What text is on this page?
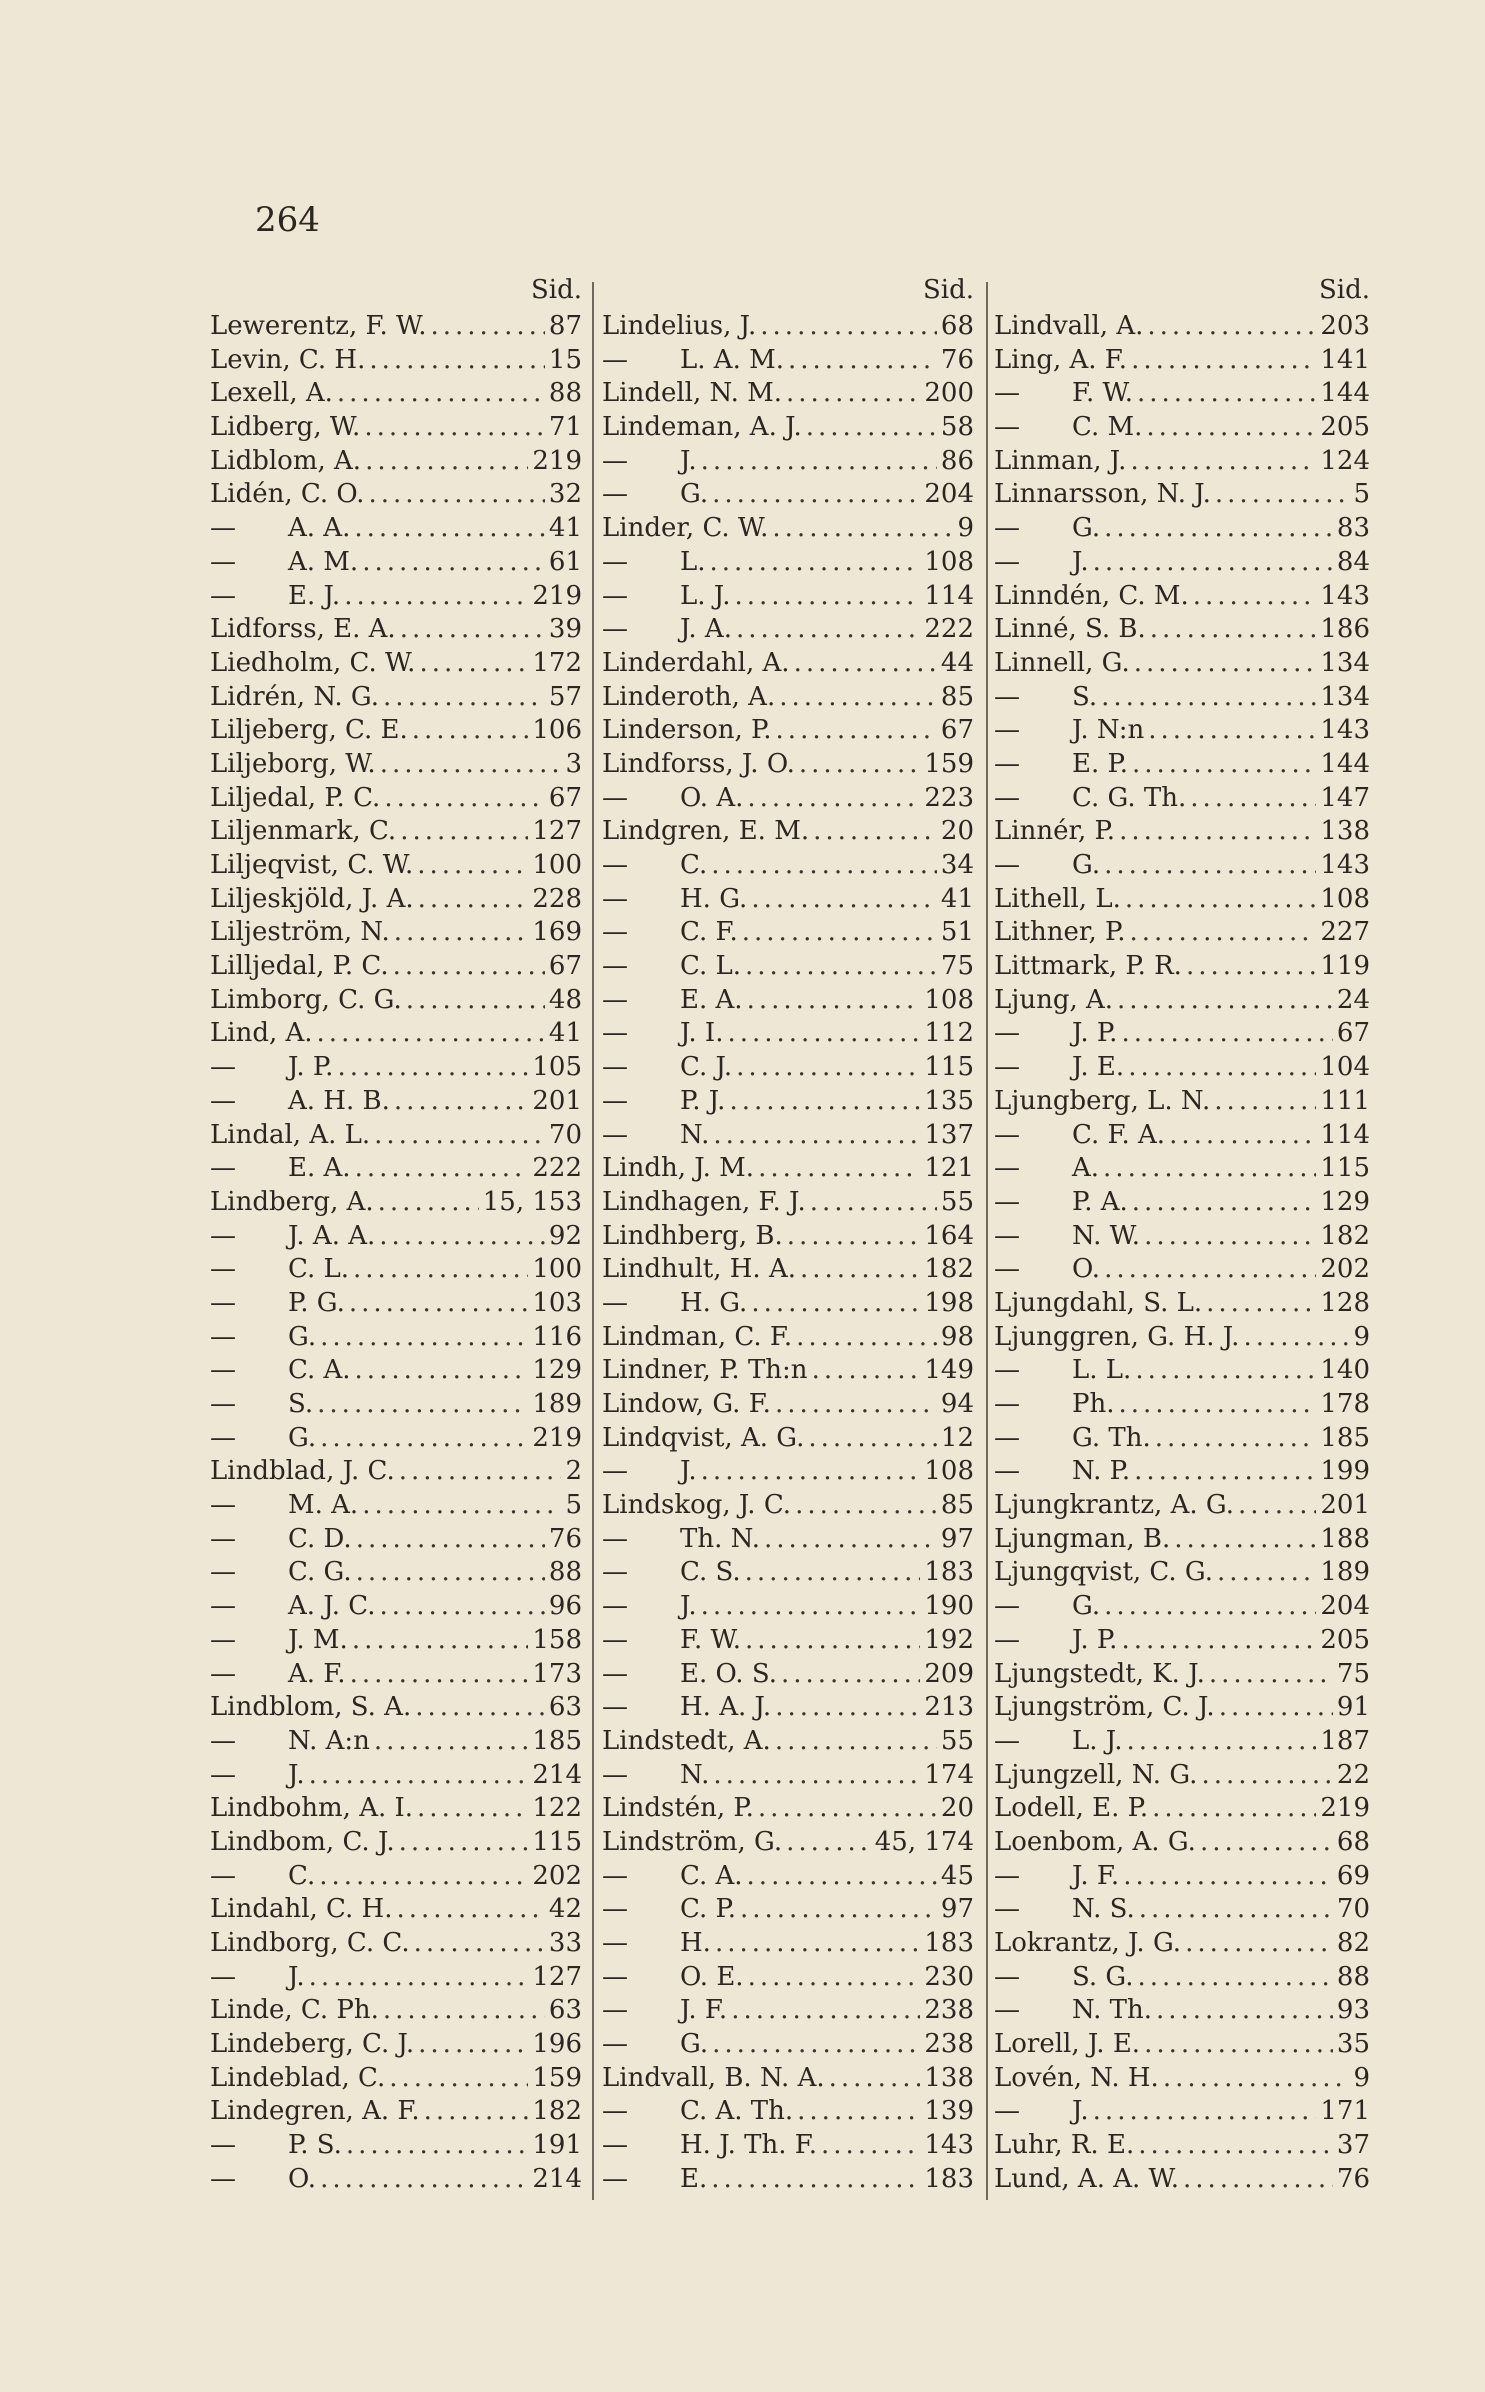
264
Sid.
Lewerentz, F. W. .....	87
Levin, C. H. .....	15
Lexell, A. .....	88
Lidberg, W. .....	71
Lidblom, A. .....	219
Lidén, C. O. .....	32
—	A. A. .....	41
—	A. M. .....	61
—	E. J. .....	219
Lidforss, E. A. .....	39
Liedholm, C. W. .....	172
Lidrén, N. G. .....	57
Liljeberg, C. E. .....	106
Liljeborg, W. .....	3
Liljedal, P. C. .....	67
Liljenmark, C. .....	127
Liljeqvist, C. W. .....	100
Liljeskjöld, J. A. .....	228
Liljeström, N. .....	169
Lilljedal, P. C. .....	67
Limborg, C. G. .....	48
Lind, A. .....	41
—	J. P. .....	105
—	A. H. B. .....	201
Lindal, A. L. .....	70
—	E. A. .....	222
Lindberg, A. .....	15, 153
—	J. A. A. .....	92
—	C. L. .....	100
—	P. G. .....	103
—	G. .....	116
—	C. A. .....	129
—	S. .....	189
—	G. .....	219
Lindblad, J. C. .....	2
—	M. A. .....	5
—	C. D. .....	76
—	C. G. .....	88
—	A. J. C. .....	96
—	J. M. .....	158
—	A. F. .....	173
Lindblom, S. A. .....	63
—	N. A:n .....	185
—	J. .....	214
Lindbohm, A. I. .....	122
Lindbom, C. J. .....	115
—	C. .....	202
Lindahl, C. H. .....	42
Lindborg, C. C. .....	33
—	J. .....	127
Linde, C. Ph. .....	63
Lindeberg, C. J. .....	196
Lindeblad, C. .....	159
Lindegren, A. F. .....	182
—	P. S. .....	191
—	O. .....	214
Sid.
Lindelius, J. .....	68
—	L. A. M. .....	76
Lindell, N. M. .....	200
Lindeman, A. J. .....	58
—	J. .....	86
—	G. .....	204
Linder, C. W. .....	9
—	L. .....	108
—	L. J. .....	114
—	J. A. .....	222
Linderdahl, A. .....	44
Linderoth, A. .....	85
Linderson, P. .....	67
Lindforss, J. O. .....	159
—	O. A. .....	223
Lindgren, E. M. .....	20
—	C. .....	34
—	H. G. .....	41
—	C. F. .....	51
—	C. L. .....	75
—	E. A. .....	108
—	J. I. .....	112
—	C. J. .....	115
—	P. J. .....	135
—	N. .....	137
Lindh, J. M. .....	121
Lindhagen, F. J. .....	55
Lindhberg, B. .....	164
Lindhult, H. A. .....	182
—	H. G. .....	198
Lindman, C. F. .....	98
Lindner, P. Th:n .....	149
Lindow, G. F. .....	94
Lindqvist, A. G. .....	12
—	J. .....	108
Lindskog, J. C. .....	85
—	Th. N. .....	97
—	C. S. .....	183
—	J. .....	190
—	F. W. .....	192
—	E. O. S. .....	209
—	H. A. J. .....	213
Lindstedt, A. .....	55
—	N. .....	174
Lindstén, P. .....	20
Lindström, G. .....	45, 174
—	C. A. .....	45
—	C. P. .....	97
—	H. .....	183
—	O. E. .....	230
—	J. F. .....	238
—	G. .....	238
Lindvall, B. N. A. .....	138
—	C. A. Th. .....	139
—	H. J. Th. F. .....	143
—	E. .....	183
Sid.
Lindvall, A. .....	203
Ling, A. F. .....	141
—	F. W. .....	144
—	C. M. .....	205
Linman, J. .....	124
Linnarsson, N. J. .....	5
—	G. .....	83
—	J. .....	84
Linndén, C. M. .....	143
Linné, S. B. .....	186
Linnell, G. .....	134
—	S. .....	134
—	J. N:n .....	143
—	E. P. .....	144
—	C. G. Th. .....	147
Linnér, P. .....	138
—	G. .....	143
Lithell, L. .....	108
Lithner, P. .....	227
Littmark, P. R. .....	119
Ljung, A. .....	24
—	J. P. .....	67
—	J. E. .....	104
Ljungberg, L. N. .....	111
—	C. F. A. .....	114
—	A. .....	115
—	P. A. .....	129
—	N. W. .....	182
—	O. .....	202
Ljungdahl, S. L. .....	128
Ljunggren, G. H. J. .....	9
—	L. L. .....	140
—	Ph. .....	178
—	G. Th. .....	185
—	N. P. .....	199
Ljungkrantz, A. G. .....	201
Ljungman, B. .....	188
Ljungqvist, C. G. .....	189
—	G. .....	204
—	J. P. .....	205
Ljungstedt, K. J. .....	75
Ljungström, C. J. .....	91
—	L. J. .....	187
Ljungzell, N. G. .....	22
Lodell, E. P. .....	219
Loenbom, A. G. .....	68
—	J. F. .....	69
—	N. S. .....	70
Lokrantz, J. G. .....	82
—	S. G. .....	88
—	N. Th. .....	93
Lorell, J. E. .....	35
Lovén, N. H. .....	9
—	J. .....	171
Luhr, R. E. .....	37
Lund, A. A. W. .....	76
